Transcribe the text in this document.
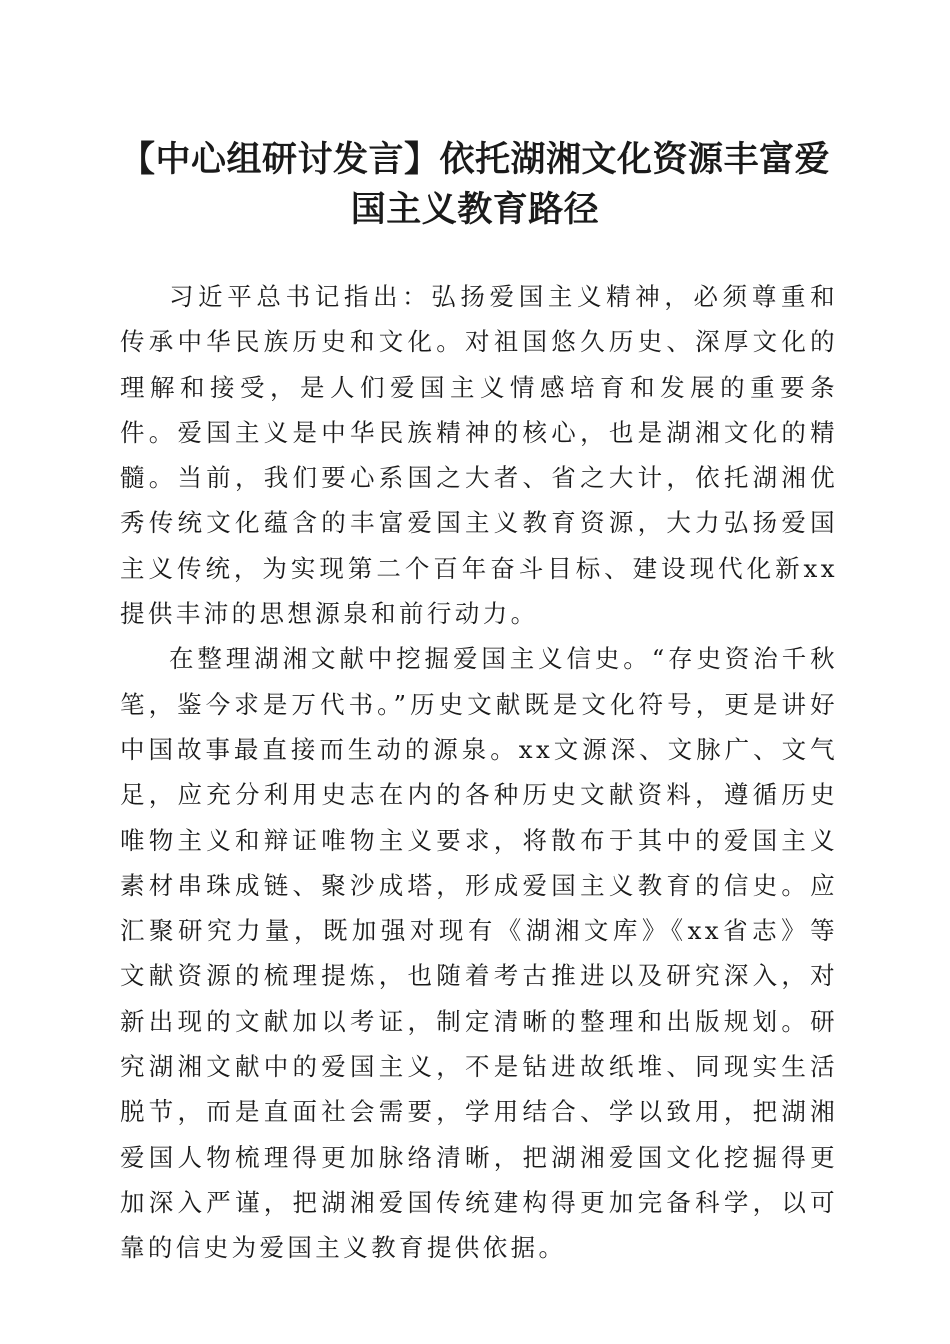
【中心组研讨发言】依托湖湘文化资源丰富爱国主义教育路径

习近平总书记指出：弘扬爱国主义精神，必须尊重和传承中华民族历史和文化。对祖国悠久历史、深厚文化的理解和接受，是人们爱国主义情感培育和发展的重要条件。爱国主义是中华民族精神的核心，也是湖湘文化的精髓。当前，我们要心系国之大者、省之大计，依托湖湘优秀传统文化蕴含的丰富爱国主义教育资源，大力弘扬爱国主义传统，为实现第二个百年奋斗目标、建设现代化新xx提供丰沛的思想源泉和前行动力。

在整理湖湘文献中挖掘爱国主义信史。“存史资治千秋笔，鉴今求是万代书。”历史文献既是文化符号，更是讲好中国故事最直接而生动的源泉。xx文源深、文脉广、文气足，应充分利用史志在内的各种历史文献资料，遵循历史唯物主义和辩证唯物主义要求，将散布于其中的爱国主义素材串珠成链、聚沙成塔，形成爱国主义教育的信史。应汇聚研究力量，既加强对现有《湖湘文库》《xx省志》等文献资源的梳理提炼，也随着考古推进以及研究深入，对新出现的文献加以考证，制定清晰的整理和出版规划。研究湖湘文献中的爱国主义，不是钻进故纸堆、同现实生活脱节，而是直面社会需要，学用结合、学以致用，把湖湘爱国人物梳理得更加脉络清晰，把湖湘爱国文化挖掘得更加深入严谨，把湖湘爱国传统建构得更加完备科学，以可靠的信史为爱国主义教育提供依据。
